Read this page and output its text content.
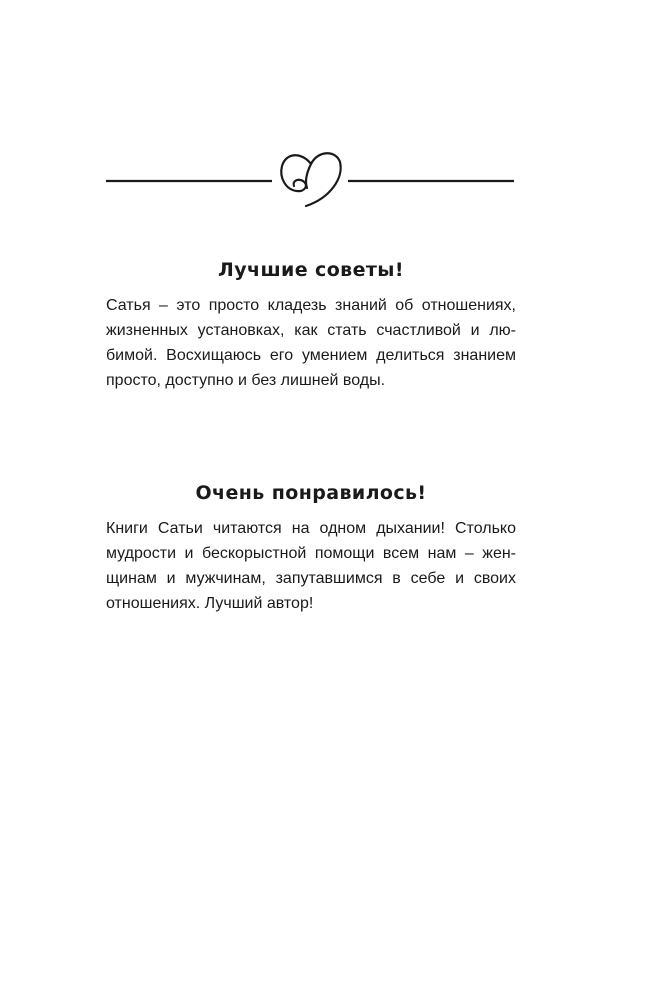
Лучшие советы!

Сатья – это просто кладезь знаний об отношениях,
жизненных установках, как стать счастливой и лю-
бимой. Восхищаюсь его умением делиться знанием
просто, доступно и без лишней воды.

Очень понравилось!

Книги Сатьи читаются на одном дыхании! Столько
мудрости и бескорыстной помощи всем нам – жен-
щинам и мужчинам, запутавшимся в себе и своих
отношениях. Лучший автор!
